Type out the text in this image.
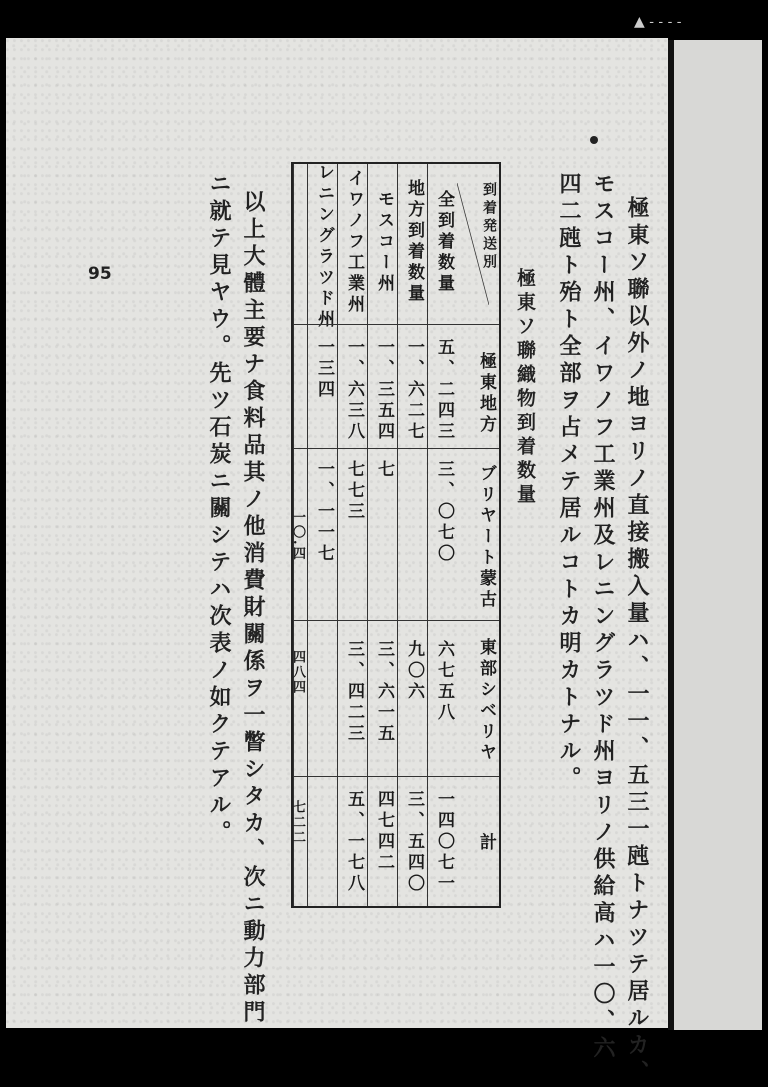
▲ - - - -
95	極東ソ聯以外ノ地ヨリノ直接搬入量ハ、一一、五三一瓲トナツテ居ルカ、
モスコー州、イワノフ工業州及レニングラツド州ヨリノ供給高ハ一〇、六
四二瓲ト殆ト全部ヲ占メテ居ルコトカ明カトナル。
極東ソ聯織物到着数量
到着
発送
別
極東地方
ブリヤート蒙古
東部シベリヤ
計
全到着数量
五、二四三
三、〇七〇
六七五八
一四〇七一
地方到着数量
一、六二七
九〇六
三、五四〇
モスコー州
一、三五四
七
三、六一五
四七四二
イワノフ工業州
一、六三八
七七三
三、四二三
五、一七八
レニングラツド州
一三四
一、一一七
一〇.四
四八四
七二二
以上大體主要ナ食料品其ノ他消費財關係ヲ一瞥シタカ、次ニ動力部門
ニ就テ見ヤウ。先ツ石炭ニ關シテハ次表ノ如クテアル。
